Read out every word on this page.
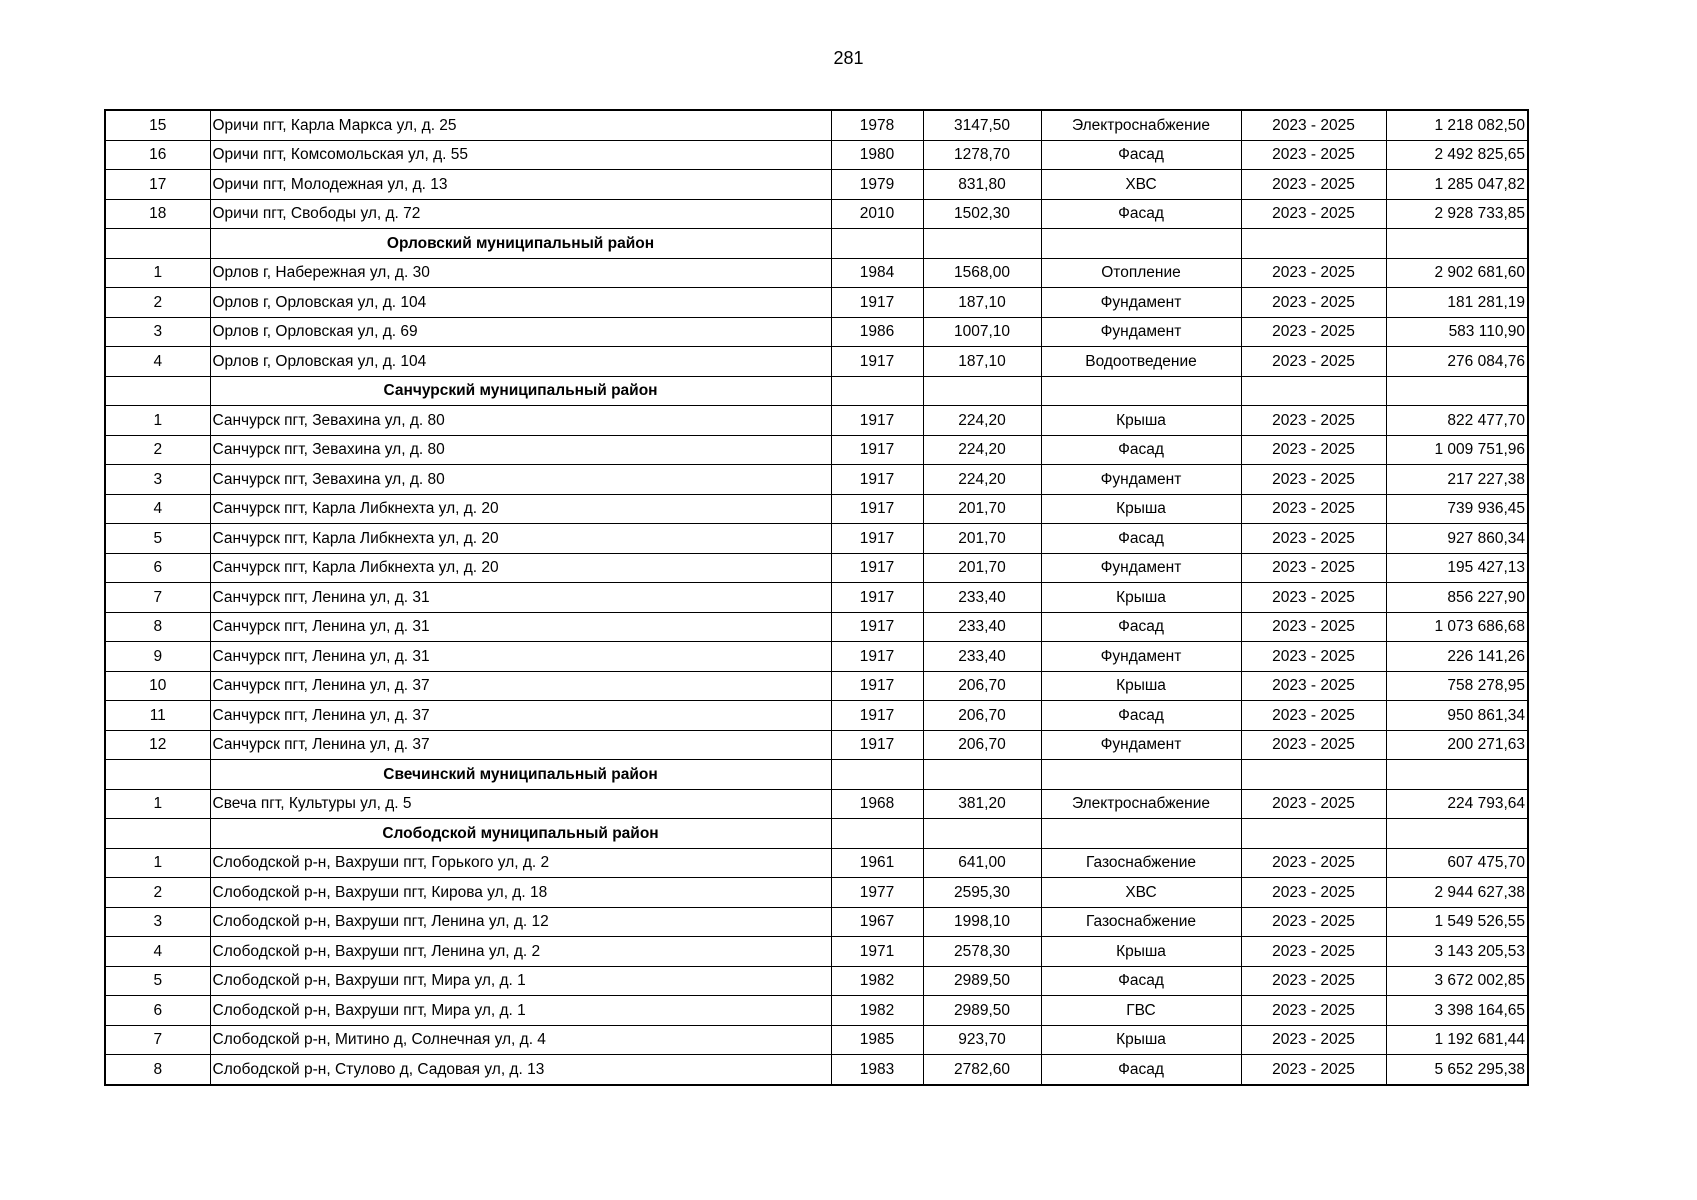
281
15	Оричи пгт, Карла Маркса ул, д. 25	1978	3147,50	Электроснабжение	2023 - 2025	1 218 082,50
16	Оричи пгт, Комсомольская ул, д. 55	1980	1278,70	Фасад	2023 - 2025	2 492 825,65
17	Оричи пгт, Молодежная ул, д. 13	1979	831,80	ХВС	2023 - 2025	1 285 047,82
18	Оричи пгт, Свободы ул, д. 72	2010	1502,30	Фасад	2023 - 2025	2 928 733,85
	Орловский муниципальный район					
1	Орлов г, Набережная ул, д. 30	1984	1568,00	Отопление	2023 - 2025	2 902 681,60
2	Орлов г, Орловская ул, д. 104	1917	187,10	Фундамент	2023 - 2025	181 281,19
3	Орлов г, Орловская ул, д. 69	1986	1007,10	Фундамент	2023 - 2025	583 110,90
4	Орлов г, Орловская ул, д. 104	1917	187,10	Водоотведение	2023 - 2025	276 084,76
	Санчурский муниципальный район					
1	Санчурск пгт, Зевахина ул, д. 80	1917	224,20	Крыша	2023 - 2025	822 477,70
2	Санчурск пгт, Зевахина ул, д. 80	1917	224,20	Фасад	2023 - 2025	1 009 751,96
3	Санчурск пгт, Зевахина ул, д. 80	1917	224,20	Фундамент	2023 - 2025	217 227,38
4	Санчурск пгт, Карла Либкнехта ул, д. 20	1917	201,70	Крыша	2023 - 2025	739 936,45
5	Санчурск пгт, Карла Либкнехта ул, д. 20	1917	201,70	Фасад	2023 - 2025	927 860,34
6	Санчурск пгт, Карла Либкнехта ул, д. 20	1917	201,70	Фундамент	2023 - 2025	195 427,13
7	Санчурск пгт, Ленина ул, д. 31	1917	233,40	Крыша	2023 - 2025	856 227,90
8	Санчурск пгт, Ленина ул, д. 31	1917	233,40	Фасад	2023 - 2025	1 073 686,68
9	Санчурск пгт, Ленина ул, д. 31	1917	233,40	Фундамент	2023 - 2025	226 141,26
10	Санчурск пгт, Ленина ул, д. 37	1917	206,70	Крыша	2023 - 2025	758 278,95
11	Санчурск пгт, Ленина ул, д. 37	1917	206,70	Фасад	2023 - 2025	950 861,34
12	Санчурск пгт, Ленина ул, д. 37	1917	206,70	Фундамент	2023 - 2025	200 271,63
	Свечинский муниципальный район					
1	Свеча пгт, Культуры ул, д. 5	1968	381,20	Электроснабжение	2023 - 2025	224 793,64
	Слободской муниципальный район					
1	Слободской р-н, Вахруши пгт, Горького ул, д. 2	1961	641,00	Газоснабжение	2023 - 2025	607 475,70
2	Слободской р-н, Вахруши пгт, Кирова ул, д. 18	1977	2595,30	ХВС	2023 - 2025	2 944 627,38
3	Слободской р-н, Вахруши пгт, Ленина ул, д. 12	1967	1998,10	Газоснабжение	2023 - 2025	1 549 526,55
4	Слободской р-н, Вахруши пгт, Ленина ул, д. 2	1971	2578,30	Крыша	2023 - 2025	3 143 205,53
5	Слободской р-н, Вахруши пгт, Мира ул, д. 1	1982	2989,50	Фасад	2023 - 2025	3 672 002,85
6	Слободской р-н, Вахруши пгт, Мира ул, д. 1	1982	2989,50	ГВС	2023 - 2025	3 398 164,65
7	Слободской р-н, Митино д, Солнечная ул, д. 4	1985	923,70	Крыша	2023 - 2025	1 192 681,44
8	Слободской р-н, Стулово д, Садовая ул, д. 13	1983	2782,60	Фасад	2023 - 2025	5 652 295,38
